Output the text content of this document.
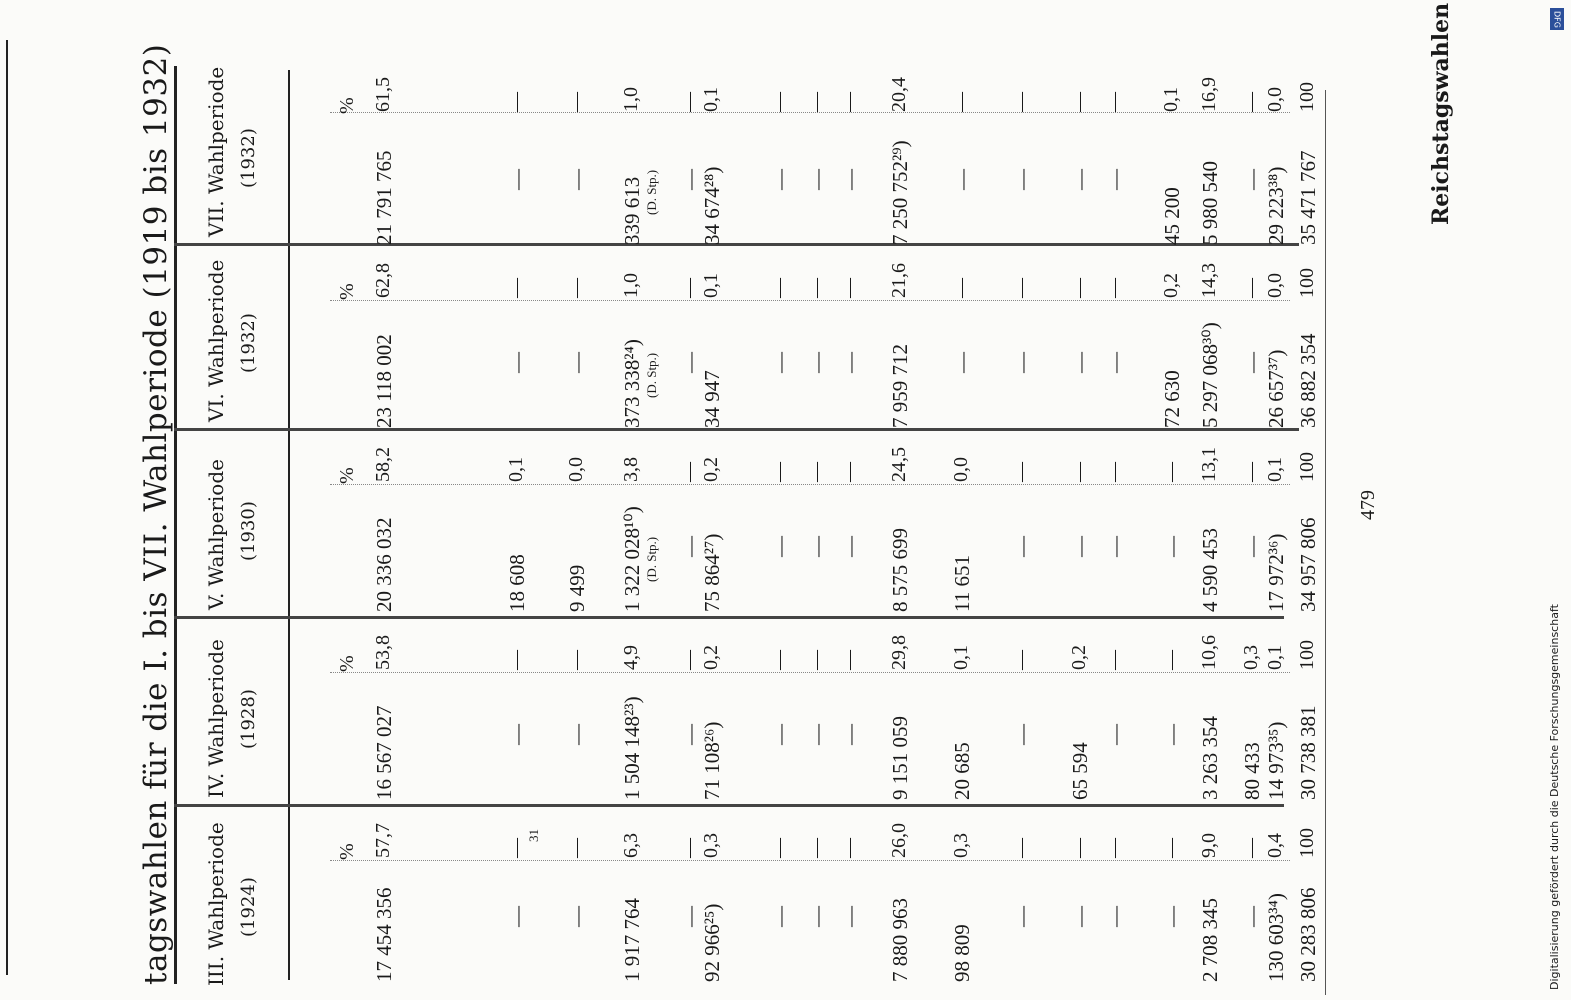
tagswahlen für die I. bis VII. Wahlperiode (1919 bis 1932)	Reichstagswahlen
479
31	Digitalisierung gefördert durch die Deutsche Forschungsgemeinschaft
DFG
III. Wahlperiode (1924)
%
IV. Wahlperiode (1928)
%
V. Wahlperiode (1930)
%
VI. Wahlperiode (1932)
%
VII. Wahlperiode (1932)
%
17 454 356
57,7
16 567 027
53,8
20 336 032
58,2
23 118 002
62,8
21 791 765
61,5
—
—
—
—
18 608
0,1
—
—
—
—
—
—
—
—
9 499
0,0
—
—
—
—
1 917 764
6,3
1 504 148²³)
4,9
1 322 028¹⁰)
3,8
373 338²⁴)
1,0
339 613
1,0
(D. Stp.)
(D. Stp.)
(D. Stp.)
—
—
—
—
—
—
—
—
—
—
92 966²⁵)
0,3
71 108²⁶)
0,2
75 864²⁷)
0,2
34 947
0,1
34 674²⁸)
0,1
—
—
—
—
—
—
—
—
—
—
—
—
—
—
—
—
—
—
—
—
—
—
—
—
—
—
—
—
—
—
7 880 963
26,0
9 151 059
29,8
8 575 699
24,5
7 959 712
21,6
7 250 752²⁹)
20,4
98 809
0,3
20 685
0,1
11 651
0,0
—
—
—
—
—
—
—
—
—
—
—
—
—
—
—
—
65 594
0,2
—
—
—
—
—
—
—
—
—
—
—
—
—
—
—
—
—
—
—
—
—
—
72 630
0,2
45 200
0,1
2 708 345
9,0
3 263 354
10,6
4 590 453
13,1
5 297 068³⁰)
14,3
5 980 540
16,9
—
—
80 433
0,3
—
—
—
—
—
—
130 603³⁴)
0,4
14 973³⁵)
0,1
17 972³⁶)
0,1
26 657³⁷)
0,0
29 223³⁸)
0,0
30 283 806
100
30 738 381
100
34 957 806
100
36 882 354
100
35 471 767
100
